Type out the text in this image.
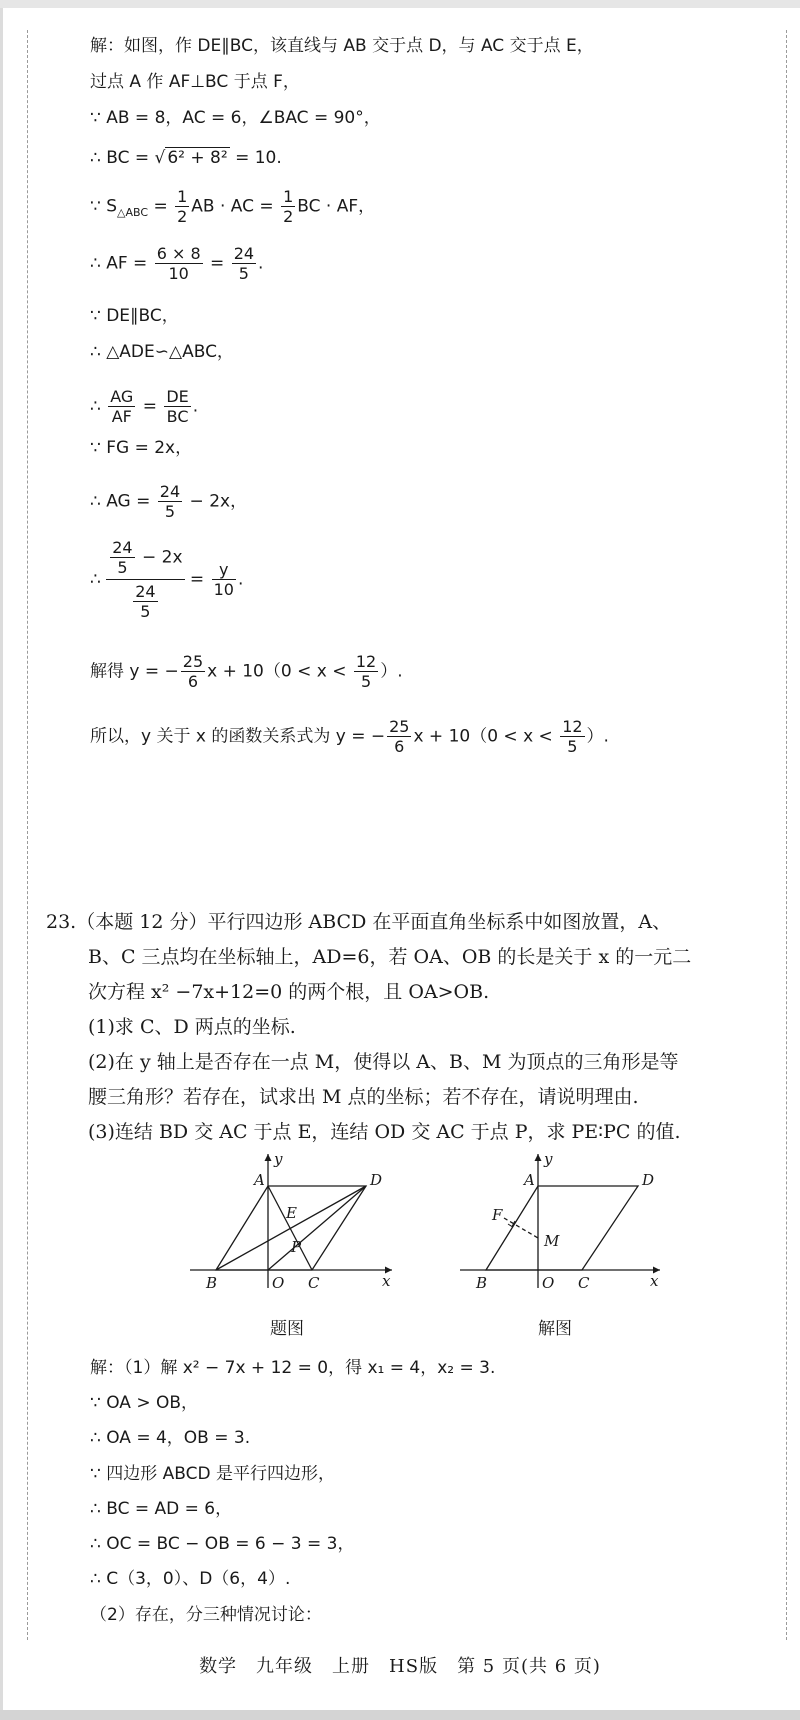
解：如图，作 DE∥BC，该直线与 AB 交于点 D，与 AC 交于点 E，
过点 A 作 AF⊥BC 于点 F，
∵ AB = 8，AC = 6，∠BAC = 90°，
∴ BC = √ 6² + 8² = 10.
∵ $S_{\triangle ABC} = \frac{1}{2}$ AB · AC = $\frac{1}{2}$ BC · AF，
∴ AF = $\frac{6 \times 8}{10} = \frac{24}{5}$ .
∵ DE∥BC，
∴ △ADE∽△ABC，
∴ $\frac{AG}{AF} = \frac{DE}{BC}$ .
∵ FG = 2x，
∴ AG = $\frac{24}{5} - 2x$，
∴ $\frac{\frac{24}{5} - 2x}{\frac{24}{5}} = \frac{y}{10}$ .
解得 y = − $\frac{25}{6}$ $x + 10(0 < x < \frac{12}{5}$ ）.
所以，y 关于 x 的函数关系式为 y = − $\frac{25}{6}$ $x + 10(0 < x < \frac{12}{5}$ ）.
23.（本题 12 分）平行四边形 ABCD 在平面直角坐标系中如图放置，A、
B、C 三点均在坐标轴上，AD=6，若 OA、OB 的长是关于 x 的一元二
次方程 x² −7x+12=0 的两个根，且 OA>OB.
(1)求 C、D 两点的坐标.
(2)在 y 轴上是否存在一点 M，使得以 A、B、M 为顶点的三角形是等
腰三角形？若存在，试求出 M 点的坐标；若不存在，请说明理由.
(3)连结 BD 交 AC 于点 E，连结 OD 交 AC 于点 P，求 PE∶PC 的值.
A
B	C
D
E
P
O	x
y
题图
A
B	C
D
F
M
O	x
y
解图
解：（1）解 x² − 7x + 12 = 0，得 x₁ = 4，x₂ = 3.
∵ OA > OB，
∴ OA = 4，OB = 3.
∵ 四边形 ABCD 是平行四边形，
∴ BC = AD = 6，
∴ OC = BC − OB = 6 − 3 = 3，
∴ C（3，0）、D（6，4）.
（2）存在，分三种情况讨论：
数学　九年级　上册　HS版　第 5 页(共 6 页)
